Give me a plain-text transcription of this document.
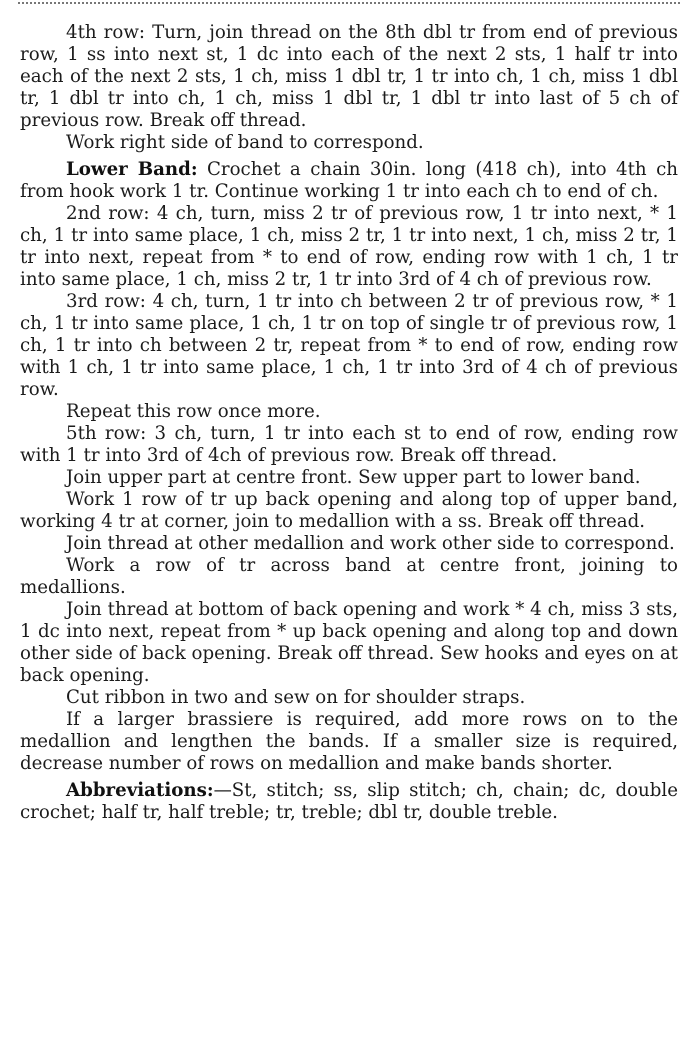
4th row: Turn, join thread on the 8th dbl tr from end of previous row, 1 ss into next st, 1 dc into each of the next 2 sts, 1 half tr into each of the next 2 sts, 1 ch, miss 1 dbl tr, 1 tr into ch, 1 ch, miss 1 dbl tr, 1 dbl tr into ch, 1 ch, miss 1 dbl tr, 1 dbl tr into last of 5 ch of previous row. Break off thread.

Work right side of band to correspond.

Lower Band: Crochet a chain 30in. long (418 ch), into 4th ch from hook work 1 tr. Continue working 1 tr into each ch to end of ch.

2nd row: 4 ch, turn, miss 2 tr of previous row, 1 tr into next, * 1 ch, 1 tr into same place, 1 ch, miss 2 tr, 1 tr into next, 1 ch, miss 2 tr, 1 tr into next, repeat from * to end of row, ending row with 1 ch, 1 tr into same place, 1 ch, miss 2 tr, 1 tr into 3rd of 4 ch of previous row.

3rd row: 4 ch, turn, 1 tr into ch between 2 tr of previous row, * 1 ch, 1 tr into same place, 1 ch, 1 tr on top of single tr of previous row, 1 ch, 1 tr into ch between 2 tr, repeat from * to end of row, ending row with 1 ch, 1 tr into same place, 1 ch, 1 tr into 3rd of 4 ch of previous row.

Repeat this row once more.

5th row: 3 ch, turn, 1 tr into each st to end of row, ending row with 1 tr into 3rd of 4ch of previous row. Break off thread.

Join upper part at centre front. Sew upper part to lower band.

Work 1 row of tr up back opening and along top of upper band, working 4 tr at corner, join to medallion with a ss. Break off thread.

Join thread at other medallion and work other side to correspond.

Work a row of tr across band at centre front, joining to medallions.

Join thread at bottom of back opening and work * 4 ch, miss 3 sts, 1 dc into next, repeat from * up back opening and along top and down other side of back opening. Break off thread. Sew hooks and eyes on at back opening.

Cut ribbon in two and sew on for shoulder straps.

If a larger brassiere is required, add more rows on to the medallion and lengthen the bands. If a smaller size is required, decrease number of rows on medallion and make bands shorter.

Abbreviations:—St, stitch; ss, slip stitch; ch, chain; dc, double crochet; half tr, half treble; tr, treble; dbl tr, double treble.
